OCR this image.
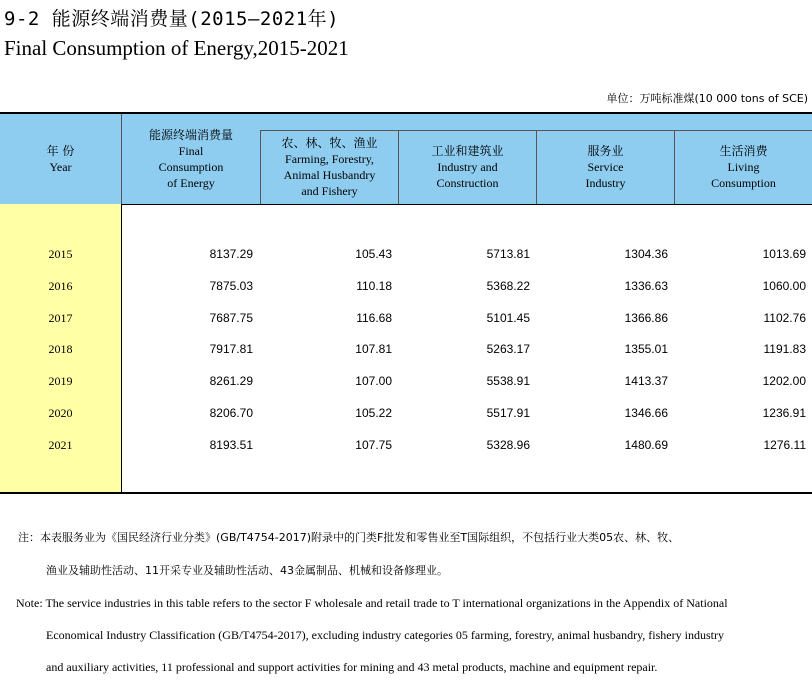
9-2 能源终端消费量(2015—2021年)
Final Consumption of Energy,2015-2021
单位：万吨标准煤(10 000 tons of SCE)
年 份
Year
能源终端消费量
Final
Consumption
of Energy
农、林、牧、渔业
Farming, Forestry,
Animal Husbandry
and Fishery
工业和建筑业
Industry and
Construction
服务业
Service
Industry
生活消费
Living
Consumption
2015	8137.29	105.43	5713.81	1304.36	1013.69
2016	7875.03	110.18	5368.22	1336.63	1060.00
2017	7687.75	116.68	5101.45	1366.86	1102.76
2018	7917.81	107.81	5263.17	1355.01	1191.83
2019	8261.29	107.00	5538.91	1413.37	1202.00
2020	8206.70	105.22	5517.91	1346.66	1236.91
2021	8193.51	107.75	5328.96	1480.69	1276.11
注：本表服务业为《国民经济行业分类》(GB/T4754-2017)附录中的门类F批发和零售业至T国际组织，不包括行业大类05农、林、牧、
渔业及辅助性活动、11开采专业及辅助性活动、43金属制品、机械和设备修理业。
Note: The service industries in this table refers to the sector F wholesale and retail trade to T international organizations in the Appendix of National
Economical Industry Classification (GB/T4754-2017), excluding industry categories 05 farming, forestry, animal husbandry, fishery industry
and auxiliary activities, 11 professional and support activities for mining and 43 metal products, machine and equipment repair.
